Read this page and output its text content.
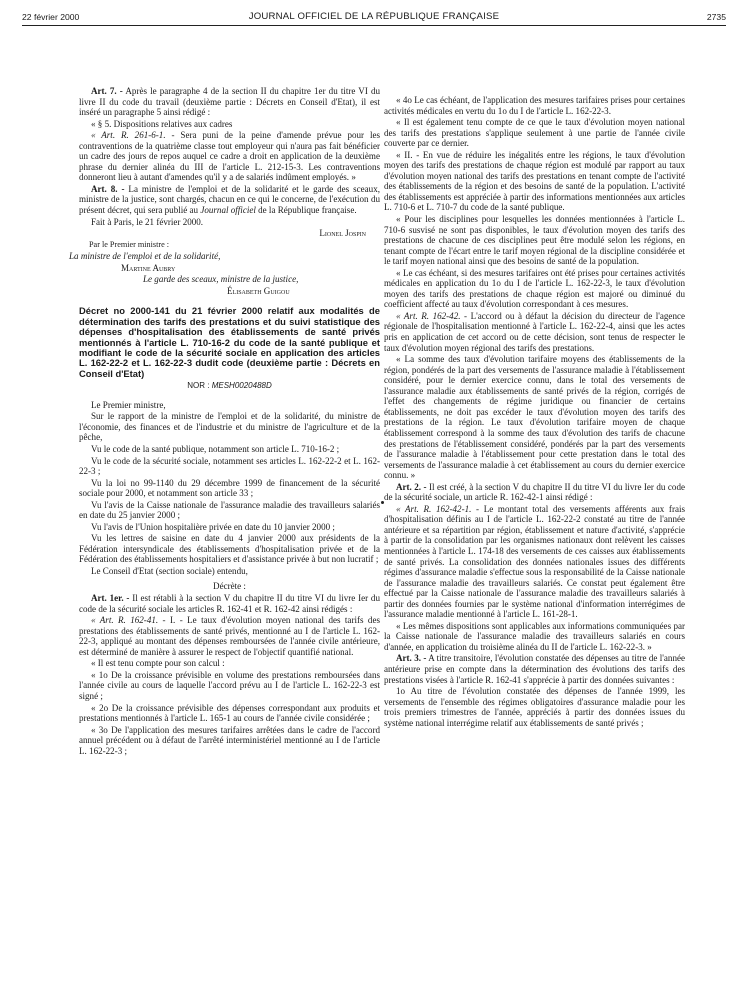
22 février 2000	JOURNAL OFFICIEL DE LA RÉPUBLIQUE FRANÇAISE	2735

Art. 7. - Après le paragraphe 4 de la section II du chapitre 1er du titre VI du livre II du code du travail (deuxième partie : Décrets en Conseil d'Etat), il est inséré un paragraphe 5 ainsi rédigé :

« § 5. Dispositions relatives aux cadres

« Art. R. 261-6-1. - Sera puni de la peine d'amende prévue pour les contraventions de la quatrième classe tout employeur qui n'aura pas fait bénéficier un cadre des jours de repos auquel ce cadre a droit en application de la deuxième phrase du dernier alinéa du III de l'article L. 212-15-3. Les contraventions donneront lieu à autant d'amendes qu'il y a de salariés indûment employés. »

Art. 8. - La ministre de l'emploi et de la solidarité et le garde des sceaux, ministre de la justice, sont chargés, chacun en ce qui le concerne, de l'exécution du présent décret, qui sera publié au Journal officiel de la République française.

Fait à Paris, le 21 février 2000.

Lionel Jospin

Par le Premier ministre :

La ministre de l'emploi et de la solidarité,

Martine Aubry

Le garde des sceaux, ministre de la justice,

Élisabeth Guigou

Décret no 2000-141 du 21 février 2000 relatif aux modalités de détermination des tarifs des prestations et du suivi statistique des dépenses d'hospitalisation des établissements de santé privés mentionnés à l'article L. 710-16-2 du code de la santé publique et modifiant le code de la sécurité sociale en application des articles L. 162-22-2 et L. 162-22-3 dudit code (deuxième partie : Décrets en Conseil d'Etat)
NOR : MESH0020488D

Le Premier ministre,

Sur le rapport de la ministre de l'emploi et de la solidarité, du ministre de l'économie, des finances et de l'industrie et du ministre de l'agriculture et de la pêche,

Vu le code de la santé publique, notamment son article L. 710-16-2 ;

Vu le code de la sécurité sociale, notamment ses articles L. 162-22-2 et L. 162-22-3 ;

Vu la loi no 99-1140 du 29 décembre 1999 de financement de la sécurité sociale pour 2000, et notamment son article 33 ;

Vu l'avis de la Caisse nationale de l'assurance maladie des travailleurs salariés en date du 25 janvier 2000 ;

Vu l'avis de l'Union hospitalière privée en date du 10 janvier 2000 ;

Vu les lettres de saisine en date du 4 janvier 2000 aux présidents de la Fédération intersyndicale des établissements d'hospitalisation privée et de la Fédération des établissements hospitaliers et d'assistance privée à but non lucratif ;

Le Conseil d'Etat (section sociale) entendu,

Décrète :

Art. 1er. - Il est rétabli à la section V du chapitre II du titre VI du livre Ier du code de la sécurité sociale les articles R. 162-41 et R. 162-42 ainsi rédigés :

« Art. R. 162-41. - I. - Le taux d'évolution moyen national des tarifs des prestations des établissements de santé privés, mentionné au I de l'article L. 162-22-3, appliqué au montant des dépenses remboursées de l'année civile antérieure, est déterminé de manière à assurer le respect de l'objectif quantifié national.

« Il est tenu compte pour son calcul :

« 1o De la croissance prévisible en volume des prestations remboursées dans l'année civile au cours de laquelle l'accord prévu au I de l'article L. 162-22-3 est signé ;

« 2o De la croissance prévisible des dépenses correspondant aux produits et prestations mentionnés à l'article L. 165-1 au cours de l'année civile considérée ;

« 3o De l'application des mesures tarifaires arrêtées dans le cadre de l'accord annuel précédent ou à défaut de l'arrêté interministériel mentionné au I de l'article L. 162-22-3 ;

« 4o Le cas échéant, de l'application des mesures tarifaires prises pour certaines activités médicales en vertu du 1o du I de l'article L. 162-22-3.

« Il est également tenu compte de ce que le taux d'évolution moyen national des tarifs des prestations s'applique seulement à une partie de l'année civile couverte par ce dernier.

« II. - En vue de réduire les inégalités entre les régions, le taux d'évolution moyen des tarifs des prestations de chaque région est modulé par rapport au taux d'évolution moyen national des tarifs des prestations en tenant compte de l'activité des établissements de la région et des besoins de santé de la population. L'activité des établissements est appréciée à partir des informations mentionnées aux articles L. 710-6 et L. 710-7 du code de la santé publique.

« Pour les disciplines pour lesquelles les données mentionnées à l'article L. 710-6 susvisé ne sont pas disponibles, le taux d'évolution moyen des tarifs des prestations de chacune de ces disciplines peut être modulé selon les régions, en tenant compte de l'écart entre le tarif moyen régional de la discipline considérée et le tarif moyen national ainsi que des besoins de santé de la population.

« Le cas échéant, si des mesures tarifaires ont été prises pour certaines activités médicales en application du 1o du I de l'article L. 162-22-3, le taux d'évolution moyen des tarifs des prestations de chaque région est majoré ou diminué du coefficient affecté au taux d'évolution correspondant à ces mesures.

« Art. R. 162-42. - L'accord ou à défaut la décision du directeur de l'agence régionale de l'hospitalisation mentionné à l'article L. 162-22-4, ainsi que les actes pris en application de cet accord ou de cette décision, sont tenus de respecter le taux d'évolution moyen régional des tarifs des prestations.

« La somme des taux d'évolution tarifaire moyens des établissements de la région, pondérés de la part des versements de l'assurance maladie à l'établissement considéré, pour le dernier exercice connu, dans le total des versements de l'assurance maladie aux établissements de santé privés de la région, corrigés de l'effet des changements de régime juridique ou financier de certains établissements, ne doit pas excéder le taux d'évolution moyen des tarifs des prestations de la région. Le taux d'évolution tarifaire moyen de chaque établissement correspond à la somme des taux d'évolution des tarifs de chacune des prestations de l'établissement considéré, pondérés par la part des versements de l'assurance maladie à l'établissement pour cette prestation dans le total des versements de l'assurance maladie à cet établissement au cours du dernier exercice connu. »

Art. 2. - Il est créé, à la section V du chapitre II du titre VI du livre Ier du code de la sécurité sociale, un article R. 162-42-1 ainsi rédigé :

« Art. R. 162-42-1. - Le montant total des versements afférents aux frais d'hospitalisation définis au I de l'article L. 162-22-2 constaté au titre de l'année antérieure et sa répartition par région, établissement et nature d'activité, s'apprécie à partir de la consolidation par les organismes nationaux dont relèvent les caisses mentionnées à l'article L. 174-18 des versements de ces caisses aux établissements de santé privés. La consolidation des données nationales issues des différents régimes d'assurance maladie s'effectue sous la responsabilité de la Caisse nationale de l'assurance maladie des travailleurs salariés. Ce constat peut également être effectué par la Caisse nationale de l'assurance maladie des travailleurs salariés à partir des données fournies par le système national d'information interrégimes de l'assurance maladie mentionné à l'article L. 161-28-1.

« Les mêmes dispositions sont applicables aux informations communiquées par la Caisse nationale de l'assurance maladie des travailleurs salariés en cours d'année, en application du troisième alinéa du II de l'article L. 162-22-3. »

Art. 3. - A titre transitoire, l'évolution constatée des dépenses au titre de l'année antérieure prise en compte dans la détermination des évolutions des tarifs des prestations visées à l'article R. 162-41 s'apprécie à partir des données suivantes :

1o Au titre de l'évolution constatée des dépenses de l'année 1999, les versements de l'ensemble des régimes obligatoires d'assurance maladie pour les trois premiers trimestres de l'année, appréciés à partir des données issues du système national interrégime relatif aux établissements de santé privés ;
